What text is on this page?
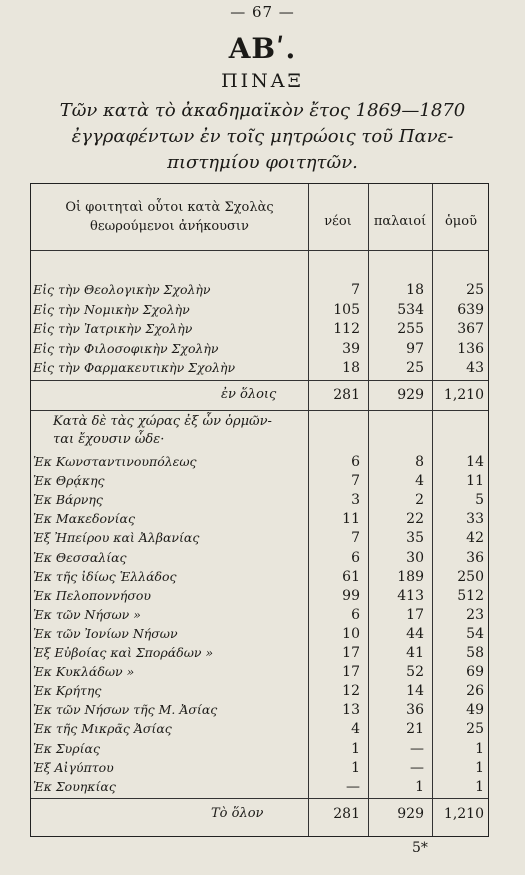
— 67 —
ΑΒʹ.
ΠΙΝΑΞ
Τῶν κατὰ τὸ ἀκαδημαϊκὸν ἔτος 1869—1870
ἐγγραφέντων ἐν τοῖς μητρώοις τοῦ Πανε-
πιστημίου φοιτητῶν.
Οἱ φοιτηταὶ οὗτοι κατὰ Σχολὰς
θεωρούμενοι ἀνήκουσιν	νέοι	παλαιοί	ὁμοῦ
Εἰς τὴν Θεολογικὴν Σχολὴν	7	18	25
Εἰς τὴν Νομικὴν Σχολὴν	105	534	639
Εἰς τὴν Ἰατρικὴν Σχολὴν	112	255	367
Εἰς τὴν Φιλοσοφικὴν Σχολὴν	39	97	136
Εἰς τὴν Φαρμακευτικὴν Σχολὴν	18	25	43
ἐν ὅλοις	281	929	1,210
Κατὰ δὲ τὰς χώρας ἐξ ὧν ὁρμῶν-
ται ἔχουσιν ὧδε·
Ἐκ Κωνσταντινουπόλεως	6	8	14
Ἐκ Θρᾴκης	7	4	11
Ἐκ Βάρνης	3	2	5
Ἐκ Μακεδονίας	11	22	33
Ἐξ Ἠπείρου καὶ Ἀλβανίας	7	35	42
Ἐκ Θεσσαλίας	6	30	36
Ἐκ τῆς ἰδίως Ἑλλάδος	61	189	250
Ἐκ Πελοποννήσου	99	413	512
Ἐκ τῶν Νήσων »	6	17	23
Ἐκ τῶν Ἰονίων Νήσων	10	44	54
Ἐξ Εὐβοίας καὶ Σποράδων »	17	41	58
Ἐκ Κυκλάδων »	17	52	69
Ἐκ Κρήτης	12	14	26
Ἐκ τῶν Νήσων τῆς Μ. Ἀσίας	13	36	49
Ἐκ τῆς Μικρᾶς Ἀσίας	4	21	25
Ἐκ Συρίας	1	—	1
Ἐξ Αἰγύπτου	1	—	1
Ἐκ Σουηκίας	—	1	1
Τὸ ὅλον	281	929	1,210
5*
